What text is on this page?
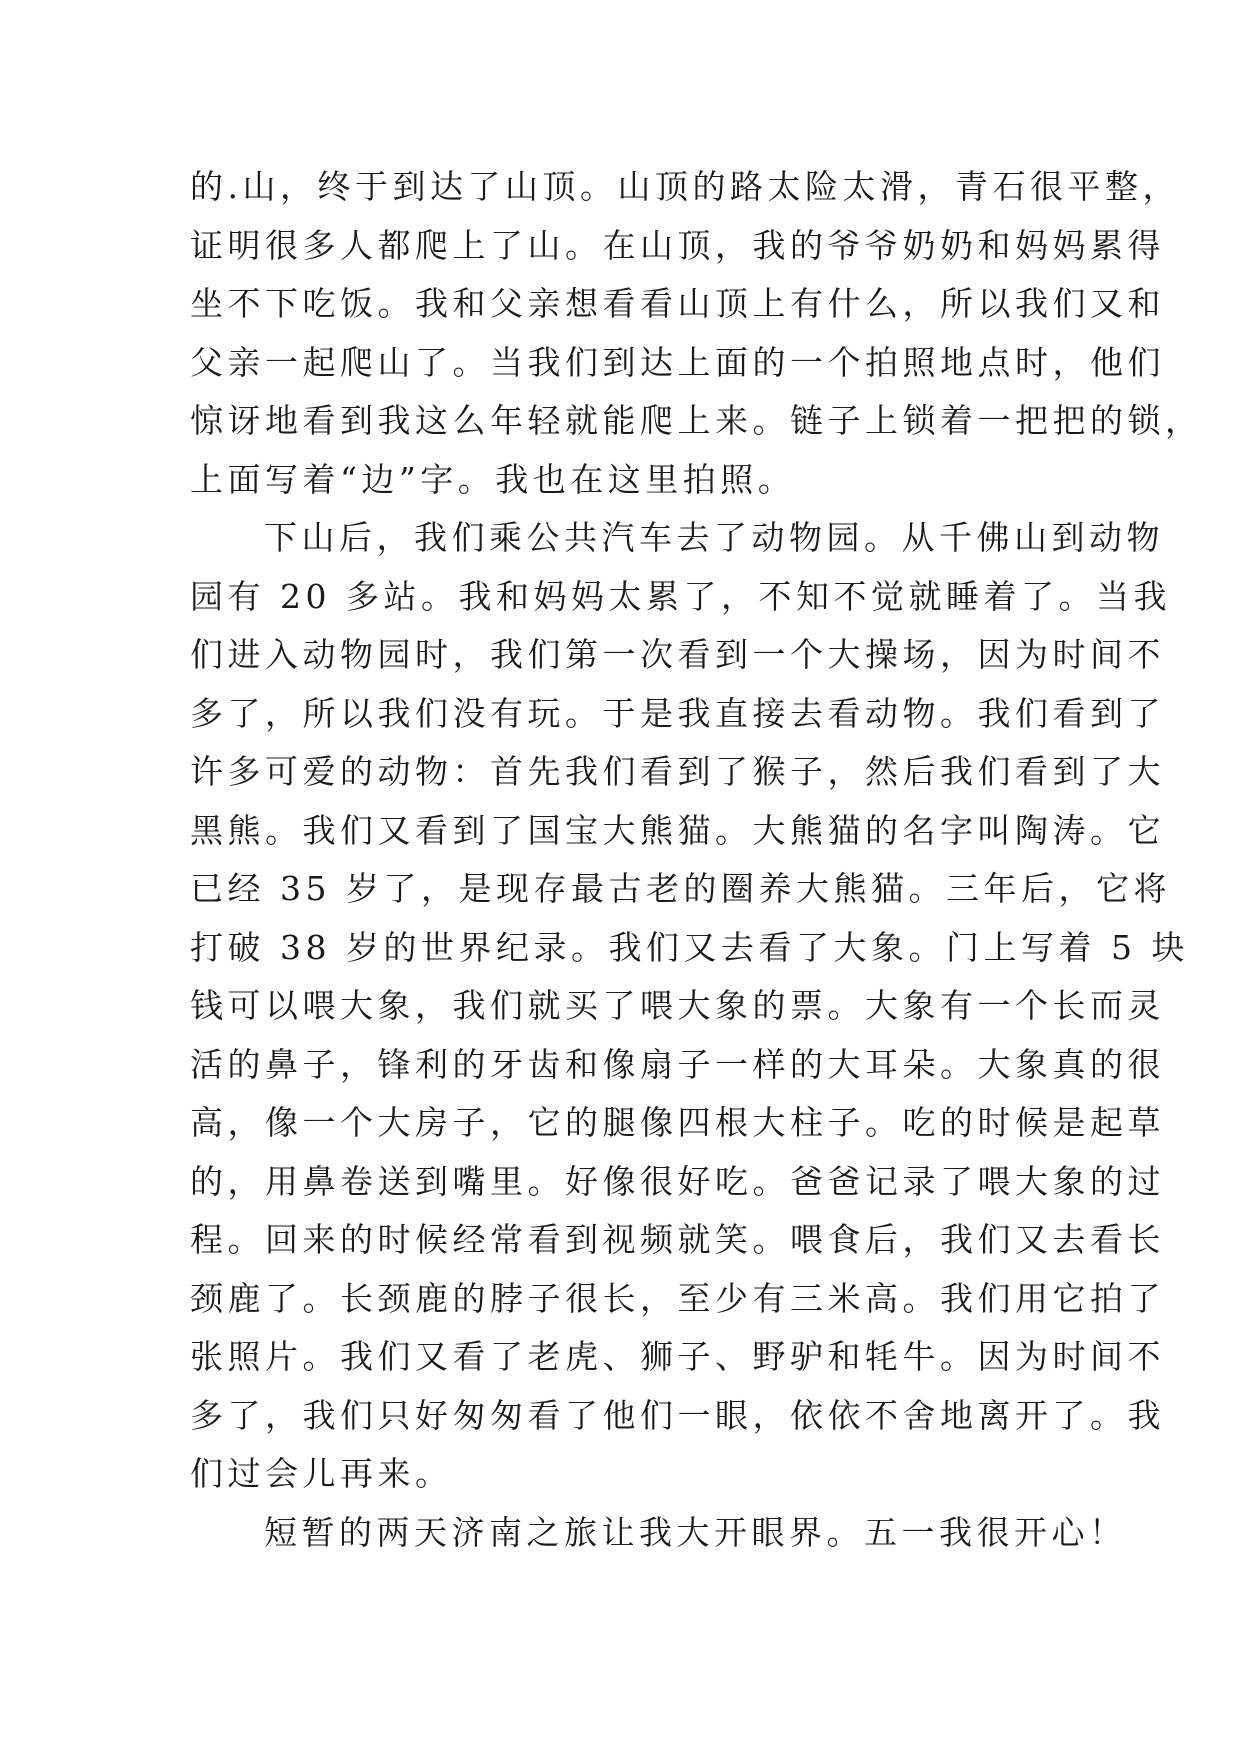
的.山，终于到达了山顶。山顶的路太险太滑，青石很平整，
证明很多人都爬上了山。在山顶，我的爷爷奶奶和妈妈累得
坐不下吃饭。我和父亲想看看山顶上有什么，所以我们又和
父亲一起爬山了。当我们到达上面的一个拍照地点时，他们
惊讶地看到我这么年轻就能爬上来。链子上锁着一把把的锁，
上面写着“边”字。我也在这里拍照。
下山后，我们乘公共汽车去了动物园。从千佛山到动物
园有 20 多站。我和妈妈太累了，不知不觉就睡着了。当我
们进入动物园时，我们第一次看到一个大操场，因为时间不
多了，所以我们没有玩。于是我直接去看动物。我们看到了
许多可爱的动物：首先我们看到了猴子，然后我们看到了大
黑熊。我们又看到了国宝大熊猫。大熊猫的名字叫陶涛。它
已经 35 岁了，是现存最古老的圈养大熊猫。三年后，它将
打破 38 岁的世界纪录。我们又去看了大象。门上写着 5 块
钱可以喂大象，我们就买了喂大象的票。大象有一个长而灵
活的鼻子，锋利的牙齿和像扇子一样的大耳朵。大象真的很
高，像一个大房子，它的腿像四根大柱子。吃的时候是起草
的，用鼻卷送到嘴里。好像很好吃。爸爸记录了喂大象的过
程。回来的时候经常看到视频就笑。喂食后，我们又去看长
颈鹿了。长颈鹿的脖子很长，至少有三米高。我们用它拍了
张照片。我们又看了老虎、狮子、野驴和牦牛。因为时间不
多了，我们只好匆匆看了他们一眼，依依不舍地离开了。我
们过会儿再来。
短暂的两天济南之旅让我大开眼界。五一我很开心！
